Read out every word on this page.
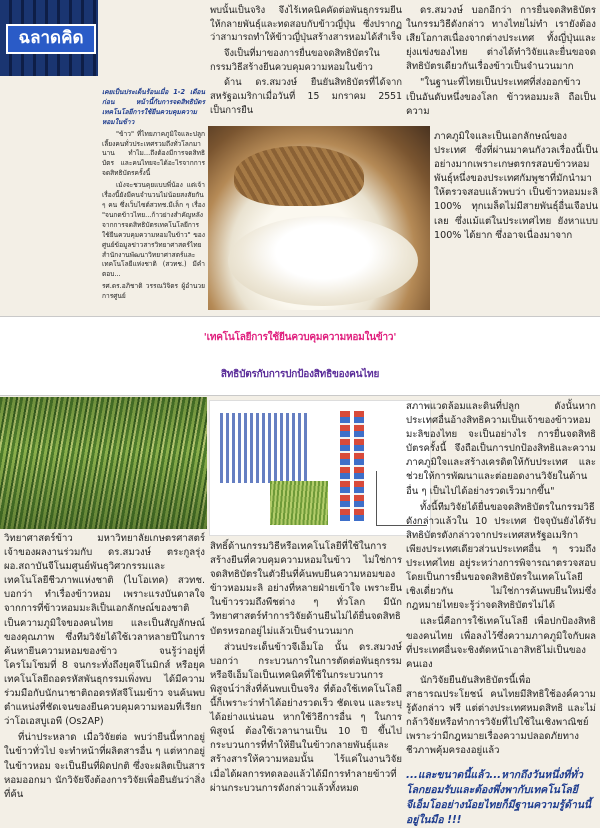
ฉลาดคิด

เคยเป็นประเด็นร้อนเมื่อ 1-2 เดือนก่อน หน้านี้กับการจดสิทธิบัตรเทคโนโลยีการใช้ยีนควบคุมความหอมในข้าว

"ข้าว" ที่ไทยภาคภูมิใจและปลูกเลี้ยงคนทั่วประเทศรวมถึงทั่วโลกมานาน ทำไม...ถึงต้องมีการจดสิทธิบัตร และคนไทยจะได้อะไรจากการจดสิทธิบัตรครั้งนี้

เม้งจะชวนคุยแบบพี่น้อง แต่เจ้าเรื่องนี้ยังมีคนจำนวนไม่น้อยสงสัยกัน ๆ คน ซึ่งเว็บไซต์สวทช.มีเล็ก ๆ เรื่อง "จนกดข้าวไทย...ก้าวย่างสำคัญหลังจากการจดสิทธิบัตรเทคโนโลยีการใช้ยีนควบคุมความหอมในข้าว" ของศูนย์ข้อมูลข่าวสารวิทยาศาสตร์ไทย สำนักงานพัฒนาวิทยาศาสตร์และเทคโนโลยีแห่งชาติ (สวทช.) มีคำตอบ...

รศ.ดร.อภิชาติ วรรณวิจิตร ผู้อำนวยการศูนย์

พบนั้นเป็นจริง จึงไร้เทคนิคคัดต่อพันธุกรรมยีนให้กลายพันธุ์และทดสอบกับข้าวญี่ปุ่น ซึ่งปรากฏว่าสามารถทำให้ข้าวญี่ปุ่นสร้างสารหอมได้สำเร็จ

จึงเป็นที่มาของการยื่นขอจดสิทธิบัตรในกรรมวิธีสร้างยีนควบคุมความหอมในข้าว

ด้าน ดร.สมวงษ์ ยืนยันสิทธิบัตรที่ได้จากสหรัฐอเมริกาเมื่อวันที่ 15 มกราคม 2551 เป็นการยืน

ดร.สมวงษ์ บอกอีกว่า การยื่นจดสิทธิบัตรในกรรมวิธีดังกล่าว ทางไทยไม่ทำ เรายังต้องเสียโอกาสเนื่องจากต่างประเทศ ทั้งญี่ปุ่นและยุ่งแข่งของไทย ต่างได้ทำวิจัยและยื่นขอจดสิทธิบัตรเดียวกันเรื่องข้าวเป็นจำนวนมาก

"ในฐานะที่ไทยเป็นประเทศที่ส่งออกข้าวเป็นอันดับหนึ่งของโลก ข้าวหอมมะลิ ถือเป็นความ

ภาคภูมิใจและเป็นเอกลักษณ์ของประเทศ ซึ่งที่ผ่านมาคนกังวลเรื่องนี้เป็นอย่างมากเพราะเกษตรกรสอบข้าวหอมพันธุ์หนึ่งของประเทศกัมพูชาที่มักนำมาให้ตรวจสอบแล้วพบว่า เป็นข้าวหอมมะลิ 100% ทุกเมล็ดไม่มีสายพันธุ์อื่นเจือปนเลย ซึ่งแม้แต่ในประเทศไทย ยังหาแบบ 100% ได้ยาก ซึ่งอาจเนื่องมาจาก

'เทคโนโลยีการใช้ยีนควบคุมความหอมในข้าว'
สิทธิบัตรกับการปกป้องสิทธิของคนไทย

วิทยาศาสตร์ข้าว มหาวิทยาลัยเกษตรศาสตร์ เจ้าของผลงานร่วมกับ ดร.สมวงษ์ ตระกูลรุ่ง ผอ.สถาบันจีโนมศูนย์พันธุวิศวกรรมและเทคโนโลยีชีวภาพแห่งชาติ (ไบโอเทค) สวทช. บอกว่า ทำเรื่องข้าวหอม เพราะแรงบันดาลใจ จากการที่ข้าวหอมมะลิเป็นเอกลักษณ์ของชาติเป็นความภูมิใจของคนไทย และเป็นสัญลักษณ์ของคุณภาพ ซึ่งทีมวิจัยได้ใช้เวลาหลายปีในการค้นหายีนความหอมของข้าว จนรู้ว่าอยู่ที่โครโมโซมที่ 8 จนกระทั่งถึงยุคจีโนมิกส์ หรือยุคเทคโนโลยีถอดรหัสพันธุกรรมเพิ่งพบ ได้มีความร่วมมือกับนักนาชาติถอดรหัสจีโนมข้าว จนค้นพบตำแหน่งที่ชัดเจนของยีนควบคุมความหอมที่เรียกว่าโอเอสบูเอพี (Os2AP)

ที่น่าประหลาด เมื่อวิจัยต่อ พบว่ายีนนี้หากอยู่ในข้าวทั่วไป จะทำหน้าที่ผลิตสารอื่น ๆ แต่หากอยู่ในข้าวหอม จะเป็นยีนที่ผิดปกติ ซึ่งจะผลิตเป็นสารหอมออกมา นักวิจัยจึงต้องการวิจัยเพื่อยืนยันว่าสิ่งที่ค้น

สิทธิ์ด้านกรรมวิธีหรือเทคโนโลยีที่ใช้ในการสร้างยีนที่ควบคุมความหอมในข้าว ไม่ใช่การจดสิทธิบัตรในตัวยีนที่ค้นพบยีนความหอมของข้าวหอมมะลิ อย่างที่หลายฝ่ายเข้าใจ เพราะยีนในข้าวรวมถึงพืชต่าง ๆ ทั่วโลก มีนักวิทยาศาสตร์ทำการวิจัยด้านยีนไม่ได้ยื่นจดสิทธิบัตรหรอกอยู่ไม่แล้วเป็นจำนวนมาก

ส่วนประเด็นข้าวจีเอ็มโอ นั้น ดร.สมวงษ์ บอกว่า กระบวนการในการตัดต่อพันธุกรรม หรือจีเอ็มโอเป็นเทคนิคที่ใช้ในกระบวนการพิสูจน์ว่าสิ่งที่ค้นพบเป็นจริง ที่ต้องใช้เทคโนโลยีนี้ก็เพราะว่าทำได้อย่างรวดเร็ว ชัดเจน และระบุได้อย่างแน่นอน หากใช้วิธีการอื่น ๆ ในการพิสูจน์ ต้องใช้เวลานานเป็น 10 ปี ขึ้นไป กระบวนการที่ทำให้ยีนในข้าวกลายพันธุ์และสร้างสารให้ความหอมนั้น ไร้แค่ในงานวิจัย เมื่อได้ผลการทดลองแล้วได้มีการทำลายข้าวที่ผ่านกระบวนการดังกล่าวแล้วทั้งหมด

สภาพแวดล้อมและดินที่ปลูก ดังนั้นหากประเทศอื่นอ้างสิทธิความเป็นเจ้าของข้าวหอมมะลิของไทย จะเป็นอย่างไร การยื่นจดสิทธิบัตรครั้งนี้ จึงถือเป็นการปกป้องสิทธิและความภาคภูมิใจและสร้างเครดิตให้กับประเทศ และช่วยให้การพัฒนาและต่อยอดงานวิจัยในด้านอื่น ๆ เป็นไปได้อย่างรวดเร็วมากขึ้น"

ทั้งนี้ทีมวิจัยได้ยื่นขอจดสิทธิบัตรในกรรมวิธีดังกล่าวแล้วใน 10 ประเทศ ปัจจุบันยังได้รับสิทธิบัตรดังกล่าวจากประเทศสหรัฐอเมริกาเพียงประเทศเดียวส่วนประเทศอื่น ๆ รวมถึงประเทศไทย อยู่ระหว่างการพิจารณาตรวจสอบ โดยเป็นการยื่นขอจดสิทธิบัตรในเทคโนโลยีเชิงเดี่ยวกัน ไม่ใช่การค้นพบยีนใหม่ซึ่งกฎหมายไทยจะรู้ว่าจดสิทธิบัตรไม่ได้

และนี่คือการใช้เทคโนโลยี เพื่อปกป้องสิทธิของคนไทย เพื่อลงไว้ซึ่งความภาคภูมิใจกับผลที่ประเทศอื่นจะชิงตัดหน้าเอาสิทธิไม่เป็นของคนเอง

นักวิจัยยืนยันสิทธิบัตรนี้เพื่อสาธารณประโยชน์ คนไทยมีสิทธิใช้องค์ความรู้ดังกล่าว ฟรี แต่ต่างประเทศหมดสิทธิ และไม่กล้าวิจัยหรือทำการวิจัยที่ไปใช้ในเชิงพาณิชย์ เพราะว่ามีกฎหมายเรื่องความปลอดภัยทางชีวภาพคุ้มครองอยู่แล้ว

...และขนาดนี้แล้ว...หากถึงวันหนึ่งที่ทั่วโลกยอมรับและต้องพึ่งพากับเทคโนโลยีจีเอ็มโออย่างน้อยไทยก็มีฐานความรู้ด้านนี้อยู่ในมือ !!!
